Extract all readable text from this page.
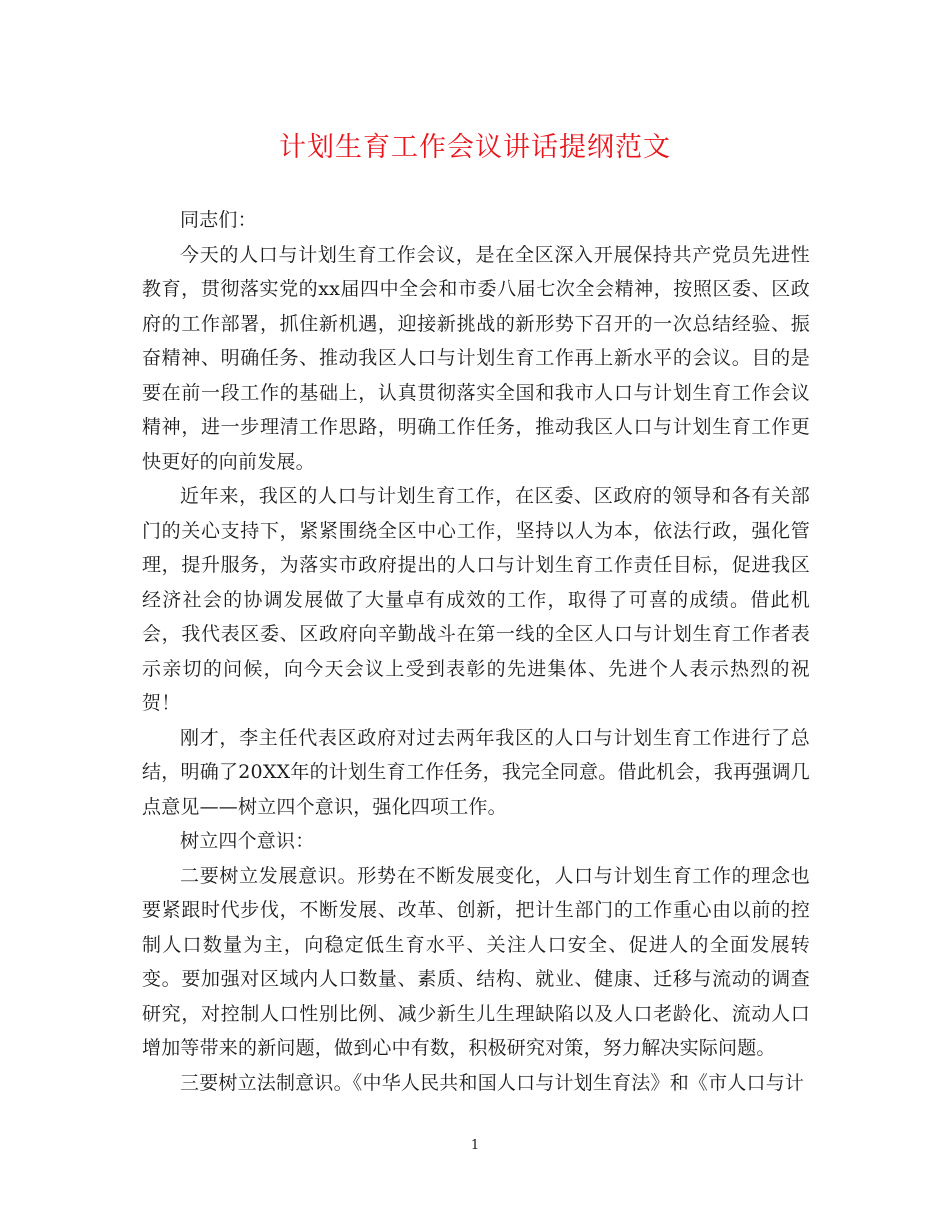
计划生育工作会议讲话提纲范文

同志们：

今天的人口与计划生育工作会议，是在全区深入开展保持共产党员先进性教育，贯彻落实党的xx届四中全会和市委八届七次全会精神，按照区委、区政府的工作部署，抓住新机遇，迎接新挑战的新形势下召开的一次总结经验、振奋精神、明确任务、推动我区人口与计划生育工作再上新水平的会议。目的是要在前一段工作的基础上，认真贯彻落实全国和我市人口与计划生育工作会议精神，进一步理清工作思路，明确工作任务，推动我区人口与计划生育工作更快更好的向前发展。

近年来，我区的人口与计划生育工作，在区委、区政府的领导和各有关部门的关心支持下，紧紧围绕全区中心工作，坚持以人为本，依法行政，强化管理，提升服务，为落实市政府提出的人口与计划生育工作责任目标，促进我区经济社会的协调发展做了大量卓有成效的工作，取得了可喜的成绩。借此机会，我代表区委、区政府向辛勤战斗在第一线的全区人口与计划生育工作者表示亲切的问候，向今天会议上受到表彰的先进集体、先进个人表示热烈的祝贺！

刚才，李主任代表区政府对过去两年我区的人口与计划生育工作进行了总结，明确了20XX年的计划生育工作任务，我完全同意。借此机会，我再强调几点意见——树立四个意识，强化四项工作。

树立四个意识：

二要树立发展意识。形势在不断发展变化，人口与计划生育工作的理念也要紧跟时代步伐，不断发展、改革、创新，把计生部门的工作重心由以前的控制人口数量为主，向稳定低生育水平、关注人口安全、促进人的全面发展转变。要加强对区域内人口数量、素质、结构、就业、健康、迁移与流动的调查研究，对控制人口性别比例、减少新生儿生理缺陷以及人口老龄化、流动人口增加等带来的新问题，做到心中有数，积极研究对策，努力解决实际问题。

三要树立法制意识。《中华人民共和国人口与计划生育法》和《市人口与计

1
